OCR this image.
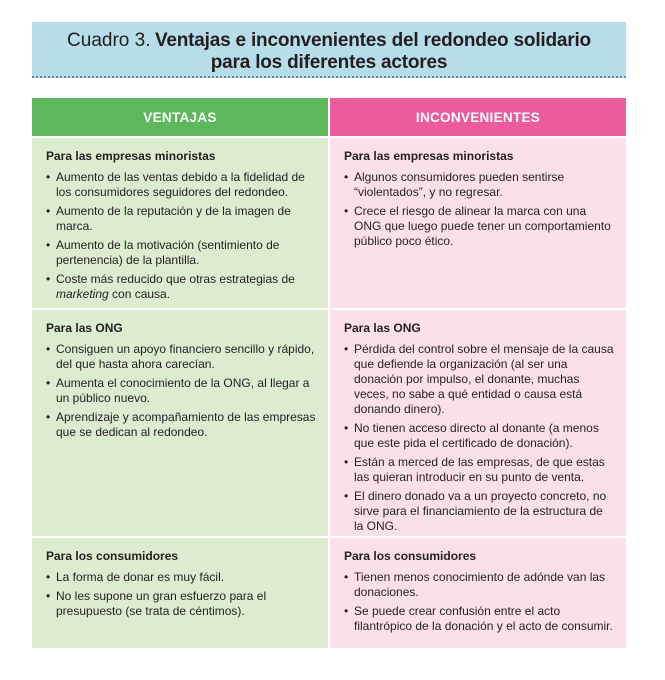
Cuadro 3. Ventajas e inconvenientes del redondeo solidario
para los diferentes actores
VENTAJAS	INCONVENIENTES
Para las empresas minoristas
• Aumento de las ventas debido a la fidelidad de los consumidores seguidores del redondeo.
• Aumento de la reputación y de la imagen de marca.
• Aumento de la motivación (sentimiento de pertenencia) de la plantilla.
• Coste más reducido que otras estrategias de marketing con causa.
Para las empresas minoristas
• Algunos consumidores pueden sentirse “violentados”, y no regresar.
• Crece el riesgo de alinear la marca con una ONG que luego puede tener un comportamiento público poco ético.
Para las ONG
• Consiguen un apoyo financiero sencillo y rápido, del que hasta ahora carecían.
• Aumenta el conocimiento de la ONG, al llegar a un público nuevo.
• Aprendizaje y acompañamiento de las empresas que se dedican al redondeo.
Para las ONG
• Pérdida del control sobre el mensaje de la causa que defiende la organización (al ser una donación por impulso, el donante, muchas veces, no sabe a qué entidad o causa está donando dinero).
• No tienen acceso directo al donante (a menos que este pida el certificado de donación).
• Están a merced de las empresas, de que estas las quieran introducir en su punto de venta.
• El dinero donado va a un proyecto concreto, no sirve para el financiamiento de la estructura de la ONG.
Para los consumidores
• La forma de donar es muy fácil.
• No les supone un gran esfuerzo para el presupuesto (se trata de céntimos).
Para los consumidores
• Tienen menos conocimiento de adónde van las donaciones.
• Se puede crear confusión entre el acto filantrópico de la donación y el acto de consumir.
